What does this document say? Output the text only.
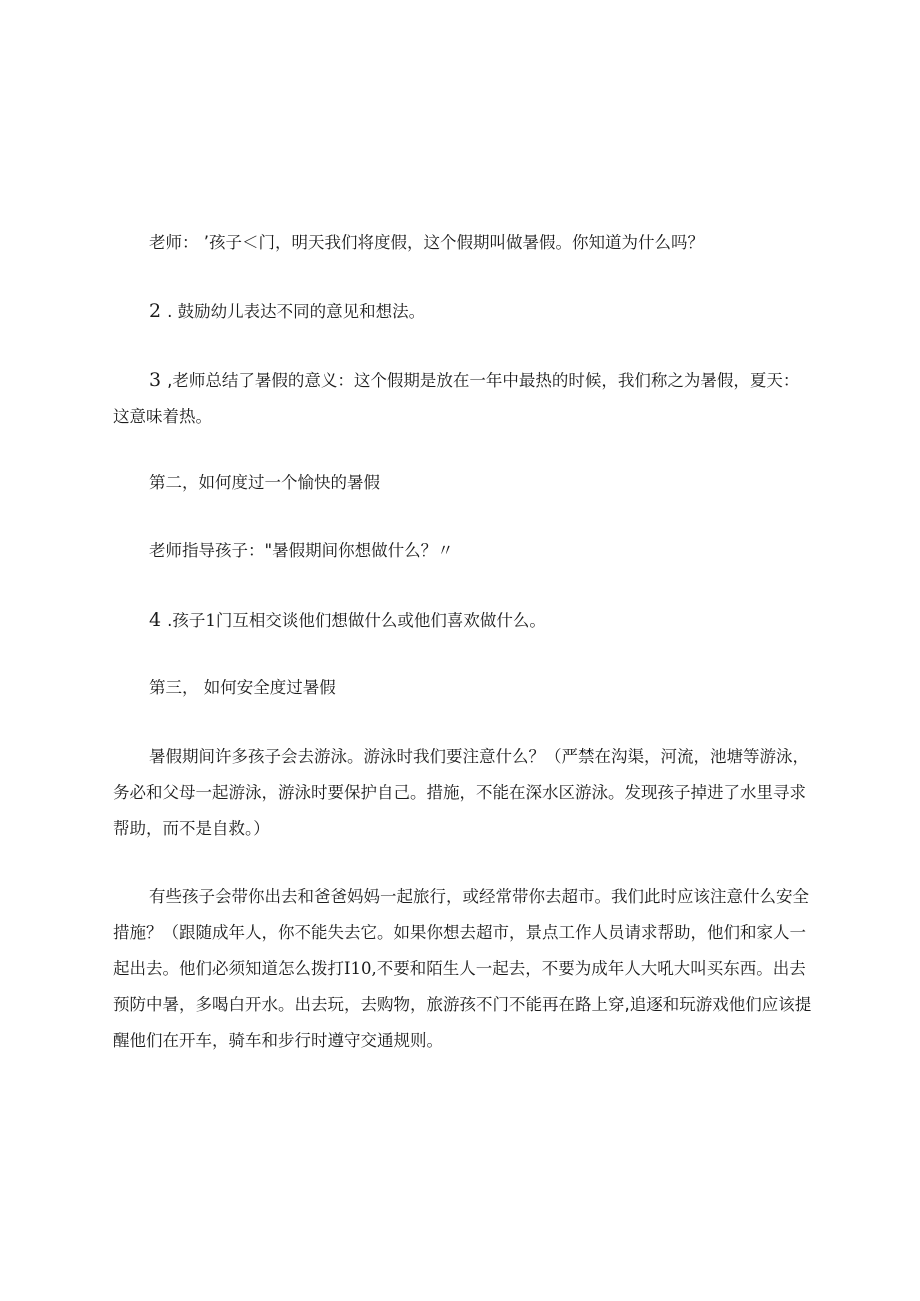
老师： ’孩子＜门，明天我们将度假，这个假期叫做暑假。你知道为什么吗？

2 . 鼓励幼儿表达不同的意见和想法。

3 ,老师总结了暑假的意义：这个假期是放在一年中最热的时候，我们称之为暑假，夏天：这意味着热。

第二，如何度过一个愉快的暑假

老师指导孩子："暑假期间你想做什么？〃

4 .孩子1门互相交谈他们想做什么或他们喜欢做什么。

第三， 如何安全度过暑假

暑假期间许多孩子会去游泳。游泳时我们要注意什么？（严禁在沟渠，河流，池塘等游泳，务必和父母一起游泳，游泳时要保护自己。措施，不能在深水区游泳。发现孩子掉进了水里寻求帮助，而不是自救。）

有些孩子会带你出去和爸爸妈妈一起旅行，或经常带你去超市。我们此时应该注意什么安全措施？（跟随成年人，你不能失去它。如果你想去超市，景点工作人员请求帮助，他们和家人一起出去。他们必须知道怎么拨打I10,不要和陌生人一起去，不要为成年人大吼大叫买东西。出去预防中暑，多喝白开水。出去玩，去购物，旅游孩不门不能再在路上穿,追逐和玩游戏他们应该提醒他们在开车，骑车和步行时遵守交通规则。
